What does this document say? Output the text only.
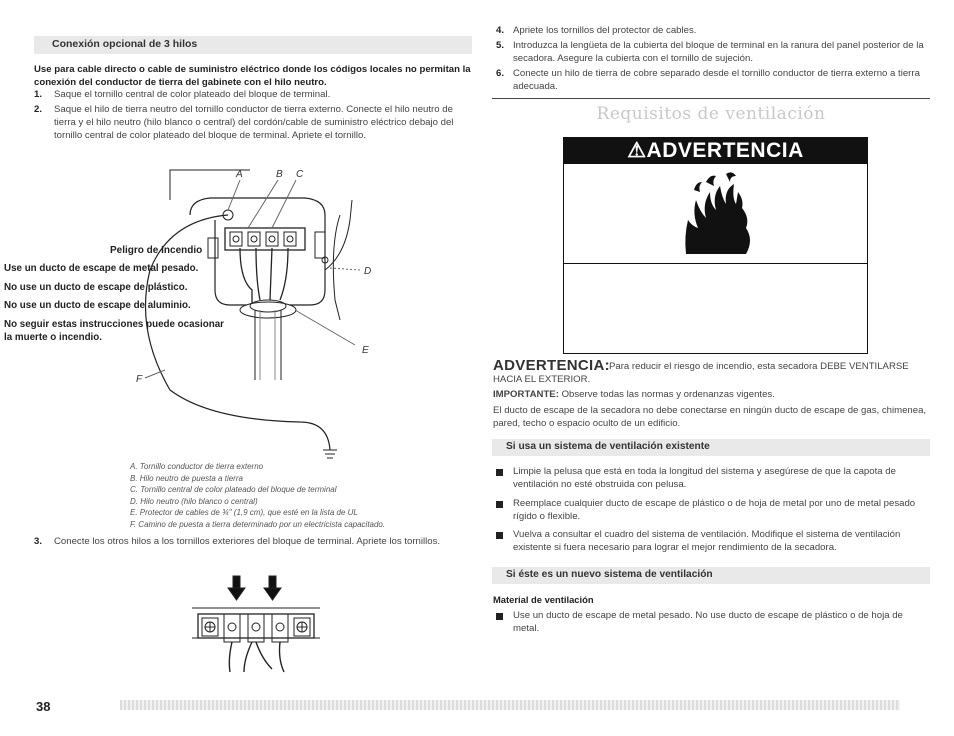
Conexión opcional de 3 hilos
Use para cable directo o cable de suministro eléctrico donde los códigos locales no permitan la conexión del conductor de tierra del gabinete con el hilo neutro.
1. Saque el tornillo central de color plateado del bloque de terminal.
2. Saque el hilo de tierra neutro del tornillo conductor de tierra externo. Conecte el hilo neutro de tierra y el hilo neutro (hilo blanco o central) del cordón/cable de suministro eléctrico debajo del tornillo central de color plateado del bloque de terminal. Apriete el tornillo.
A	B C
D
E
F
A. Tornillo conductor de tierra externo
B. Hilo neutro de puesta a tierra
C. Tornillo central de color plateado del bloque de terminal
D. Hilo neutro (hilo blanco o central)
E. Protector de cables de ¾" (1,9 cm), que esté en la lista de UL
F. Camino de puesta a tierra determinado por un electricista capacitado.
3. Conecte los otros hilos a los tornillos exteriores del bloque de terminal. Apriete los tornillos.
38
4. Apriete los tornillos del protector de cables.
5. Introduzca la lengüeta de la cubierta del bloque de terminal en la ranura del panel posterior de la secadora. Asegure la cubierta con el tornillo de sujeción.
6. Conecte un hilo de tierra de cobre separado desde el tornillo conductor de tierra externo a tierra adecuada.
Requisitos de ventilación
⚠ADVERTENCIA
Peligro de Incendio
Use un ducto de escape de metal pesado.
No use un ducto de escape de plástico.
No use un ducto de escape de aluminio.
No seguir estas instrucciones puede ocasionar
la muerte o incendio.
ADVERTENCIA: Para reducir el riesgo de incendio, esta secadora DEBE VENTILARSE HACIA EL EXTERIOR.
IMPORTANTE: Observe todas las normas y ordenanzas vigentes.
El ducto de escape de la secadora no debe conectarse en ningún ducto de escape de gas, chimenea, pared, techo o espacio oculto de un edificio.
Si usa un sistema de ventilación existente
Limpie la pelusa que está en toda la longitud del sistema y asegúrese de que la capota de ventilación no esté obstruida con pelusa.
Reemplace cualquier ducto de escape de plástico o de hoja de metal por uno de metal pesado rígido o flexible.
Vuelva a consultar el cuadro del sistema de ventilación. Modifique el sistema de ventilación existente si fuera necesario para lograr el mejor rendimiento de la secadora.
Si éste es un nuevo sistema de ventilación
Material de ventilación
Use un ducto de escape de metal pesado. No use ducto de escape de plástico o de hoja de metal.
